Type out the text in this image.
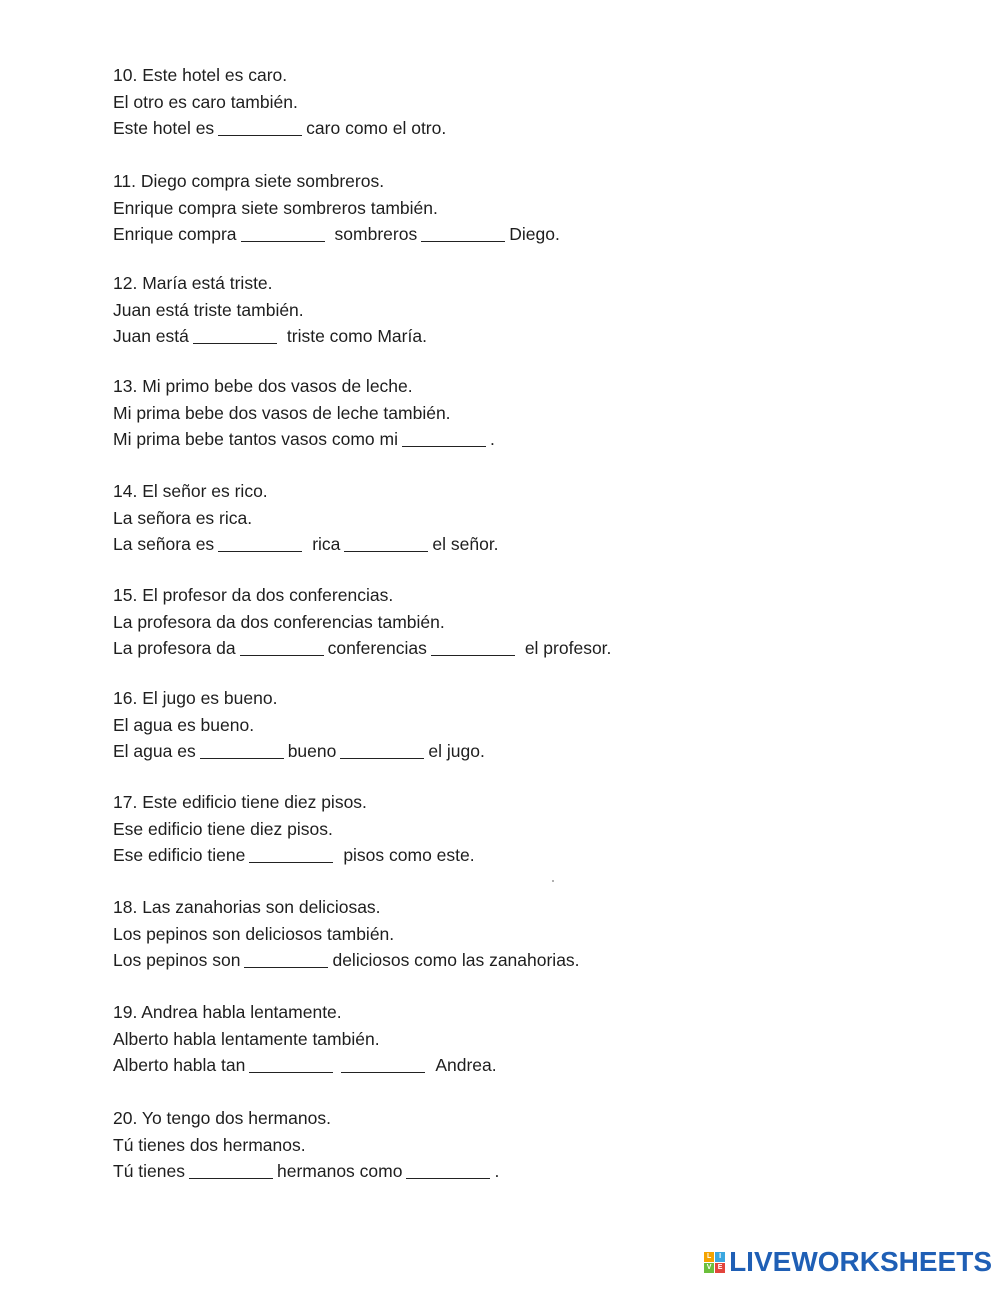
10. Este hotel es caro.
El otro es caro también.
Este hotel es	caro como el otro.
11. Diego compra siete sombreros.
Enrique compra siete sombreros también.
Enrique compra	sombreros	Diego.
12. María está triste.
Juan está triste también.
Juan está	triste como María.
13. Mi primo bebe dos vasos de leche.
Mi prima bebe dos vasos de leche también.
Mi prima bebe tantos vasos como mi	.
14. El señor es rico.
La señora es rica.
La señora es	rica	el señor.
15. El profesor da dos conferencias.
La profesora da dos conferencias también.
La profesora da	conferencias	el profesor.
16. El jugo es bueno.
El agua es bueno.
El agua es	bueno	el jugo.
17. Este edificio tiene diez pisos.
Ese edificio tiene diez pisos.
Ese edificio tiene	pisos como este.
18. Las zanahorias son deliciosas.
Los pepinos son deliciosos también.
Los pepinos son	deliciosos como las zanahorias.
19. Andrea habla lentamente.
Alberto habla lentamente también.
Alberto habla tan	Andrea.
20. Yo tengo dos hermanos.
Tú tienes dos hermanos.
Tú tienes	hermanos como	.
L	I
V E LIVEWORKSHEETS
